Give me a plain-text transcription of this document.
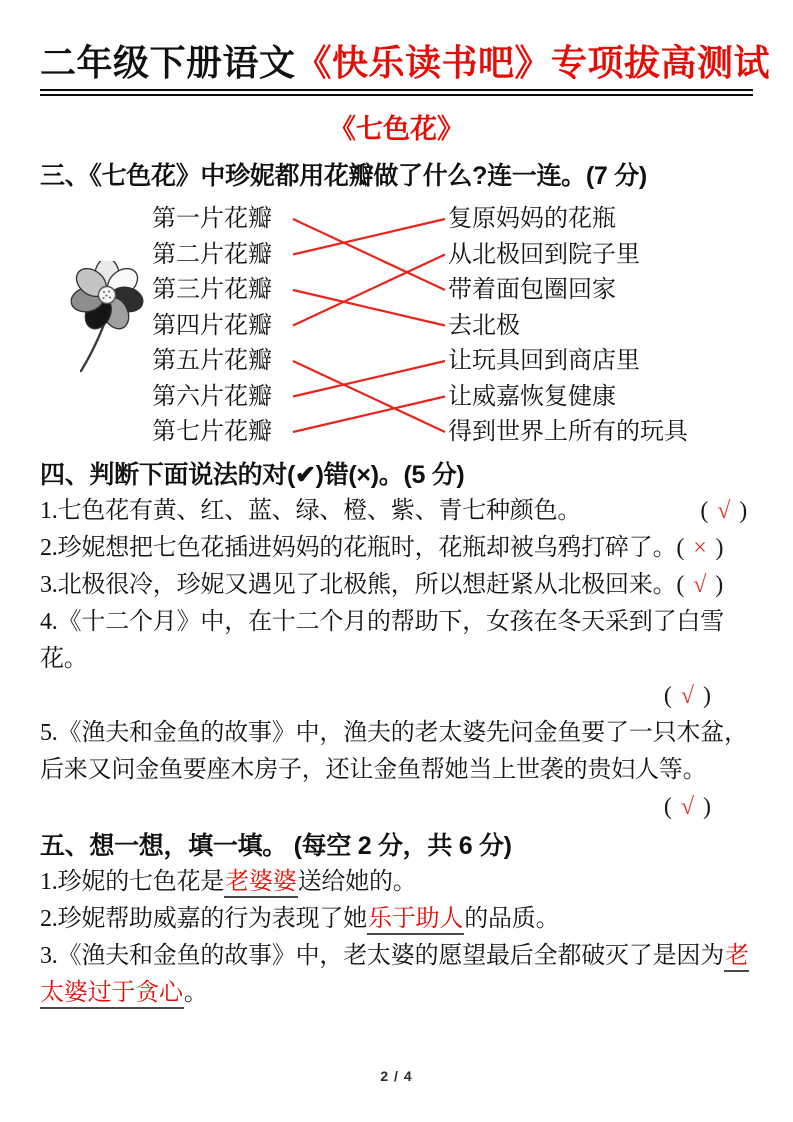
二年级下册语文《快乐读书吧》专项拔高测试
《七色花》
三、《七色花》中珍妮都用花瓣做了什么?连一连。(7 分)
第一片花瓣
第二片花瓣
第三片花瓣
第四片花瓣
第五片花瓣
第六片花瓣
第七片花瓣
复原妈妈的花瓶
从北极回到院子里
带着面包圈回家
去北极
让玩具回到商店里
让威嘉恢复健康
得到世界上所有的玩具
四、判断下面说法的对(✔)错(×)。(5 分)
1.七色花有黄、红、蓝、绿、橙、紫、青七种颜色。	( √ )
2.珍妮想把七色花插进妈妈的花瓶时，花瓶却被乌鸦打碎了。( × )
3.北极很冷，珍妮又遇见了北极熊，所以想赶紧从北极回来。( √ )
4.《十二个月》中，在十二个月的帮助下，女孩在冬天采到了白雪花。
( √ )
5.《渔夫和金鱼的故事》中，渔夫的老太婆先问金鱼要了一只木盆，后来又问金鱼要座木房子，还让金鱼帮她当上世袭的贵妇人等。
( √ )
五、想一想，填一填。 (每空 2 分，共 6 分)
1.珍妮的七色花是老婆婆送给她的。
2.珍妮帮助威嘉的行为表现了她乐于助人的品质。
3.《渔夫和金鱼的故事》中，老太婆的愿望最后全都破灭了是因为老太婆过于贪心。
2 / 4
